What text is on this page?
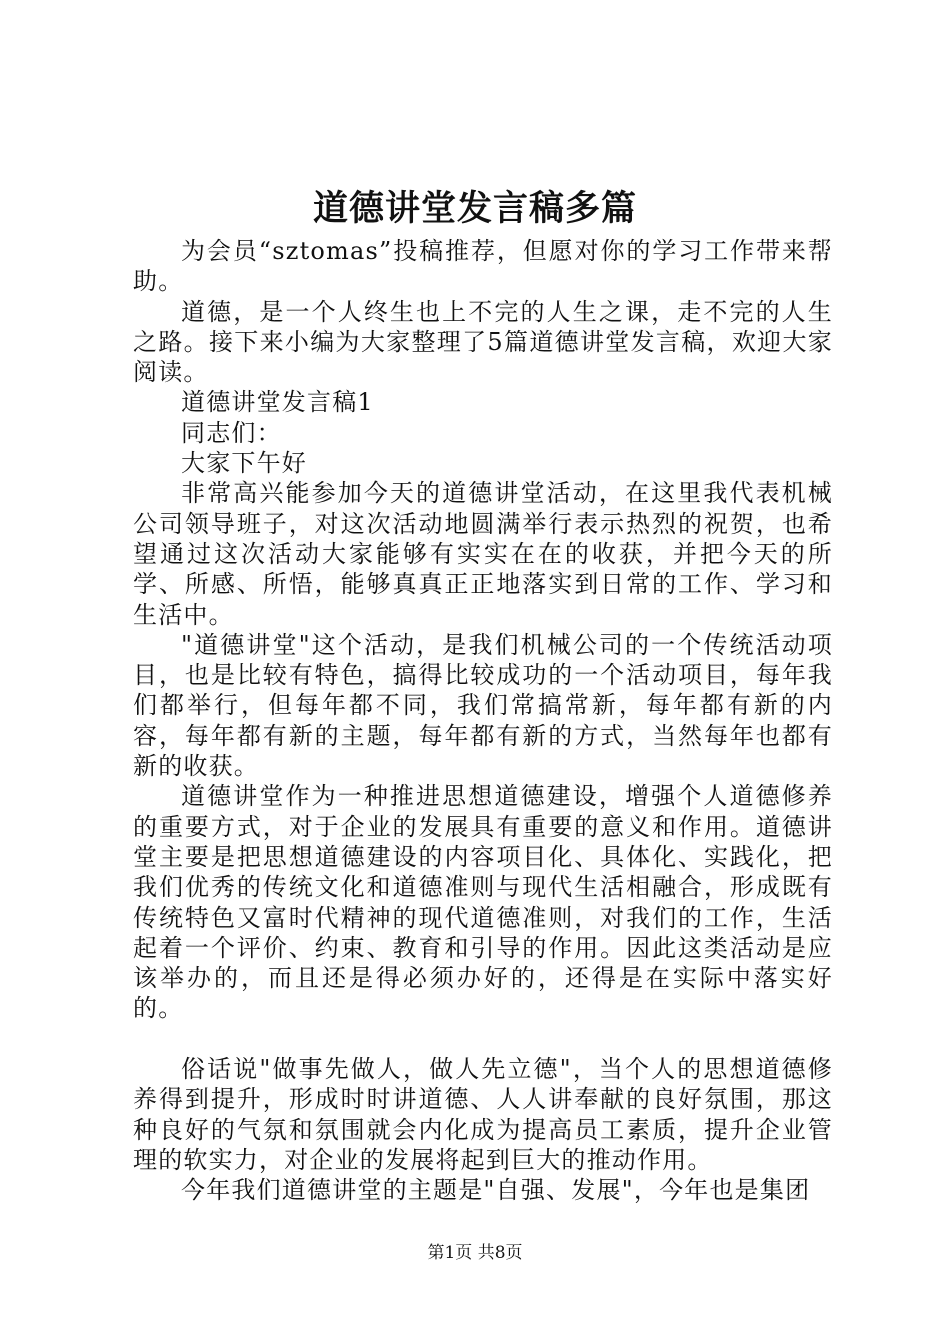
道德讲堂发言稿多篇

为会员“sztomas”投稿推荐，但愿对你的学习工作带来帮助。

道德，是一个人终生也上不完的人生之课，走不完的人生之路。接下来小编为大家整理了5篇道德讲堂发言稿，欢迎大家阅读。

道德讲堂发言稿1

同志们：

大家下午好

非常高兴能参加今天的道德讲堂活动，在这里我代表机械公司领导班子，对这次活动地圆满举行表示热烈的祝贺，也希望通过这次活动大家能够有实实在在的收获，并把今天的所学、所感、所悟，能够真真正正地落实到日常的工作、学习和生活中。

"道德讲堂"这个活动，是我们机械公司的一个传统活动项目，也是比较有特色，搞得比较成功的一个活动项目，每年我们都举行，但每年都不同，我们常搞常新，每年都有新的内容，每年都有新的主题，每年都有新的方式，当然每年也都有新的收获。

道德讲堂作为一种推进思想道德建设，增强个人道德修养的重要方式，对于企业的发展具有重要的意义和作用。道德讲堂主要是把思想道德建设的内容项目化、具体化、实践化，把我们优秀的传统文化和道德准则与现代生活相融合，形成既有传统特色又富时代精神的现代道德准则，对我们的工作，生活起着一个评价、约束、教育和引导的作用。因此这类活动是应该举办的，而且还是得必须办好的，还得是在实际中落实好的。

俗话说"做事先做人，做人先立德"，当个人的思想道德修养得到提升，形成时时讲道德、人人讲奉献的良好氛围，那这种良好的气氛和氛围就会内化成为提高员工素质，提升企业管理的软实力，对企业的发展将起到巨大的推动作用。

今年我们道德讲堂的主题是"自强、发展"，今年也是集团

第1页 共8页
